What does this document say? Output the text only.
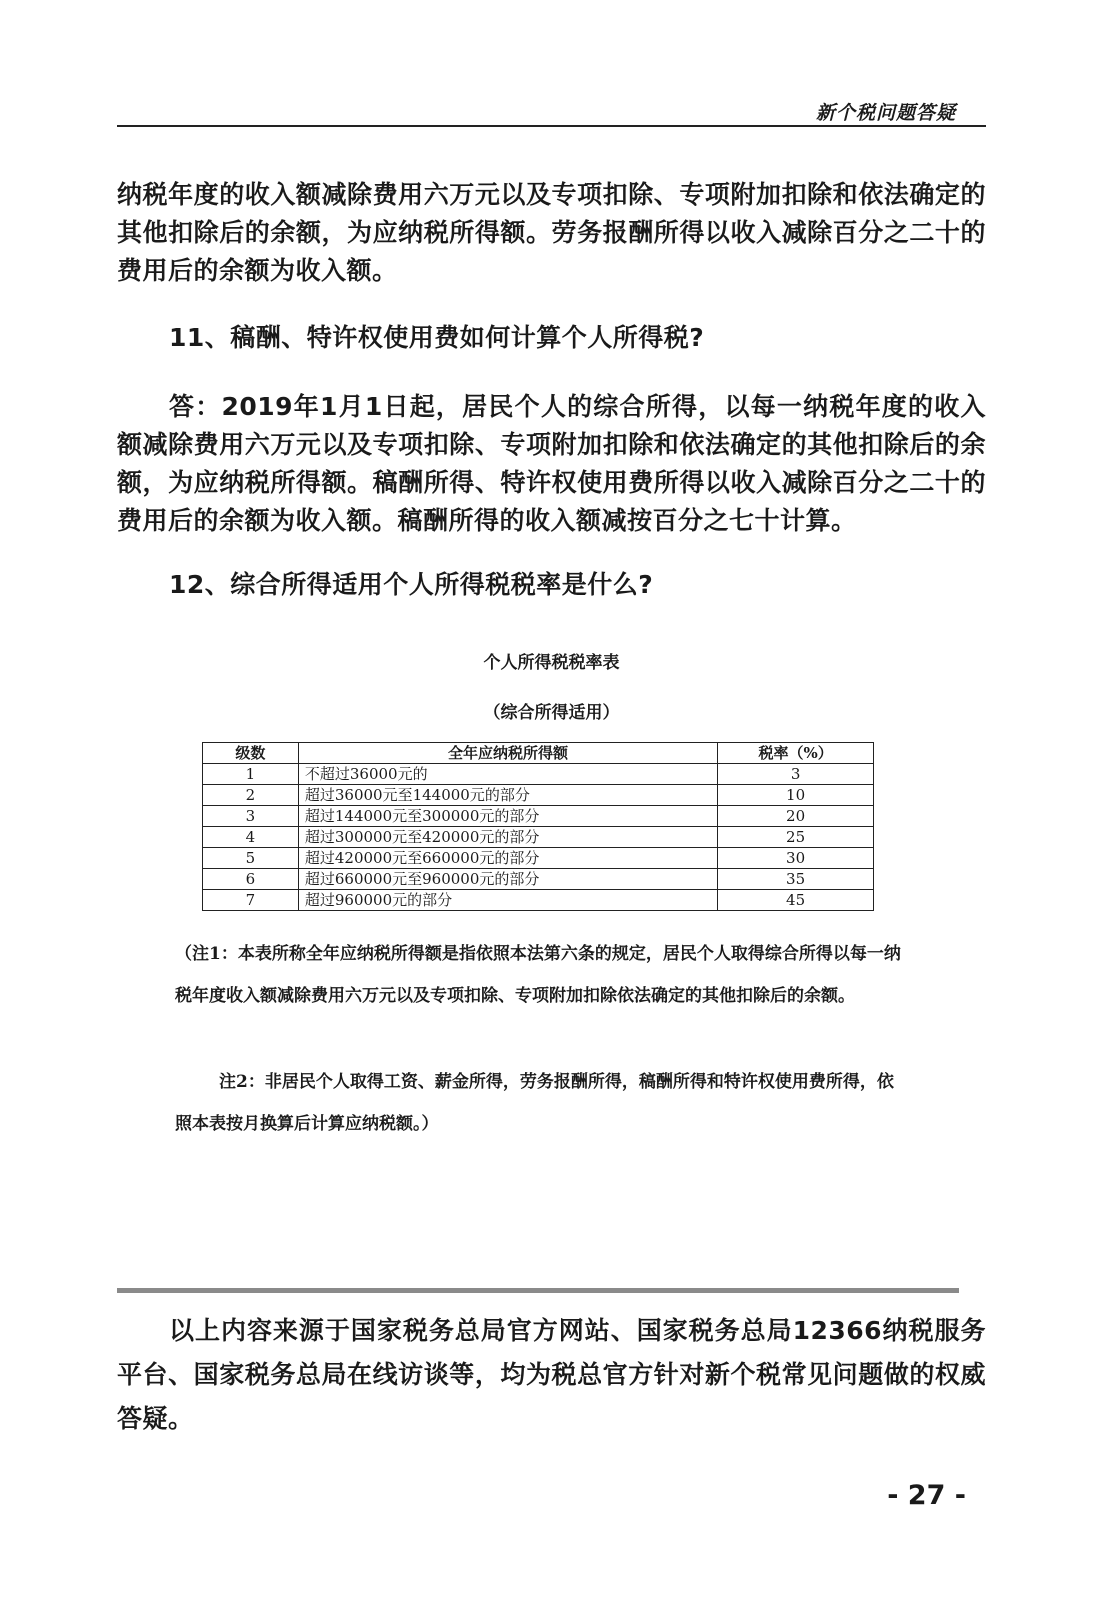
新个税问题答疑

纳税年度的收入额减除费用六万元以及专项扣除、专项附加扣除和依法确定的其他扣除后的余额，为应纳税所得额。劳务报酬所得以收入减除百分之二十的费用后的余额为收入额。

11、稿酬、特许权使用费如何计算个人所得税?

答：2019年1月1日起，居民个人的综合所得，以每一纳税年度的收入额减除费用六万元以及专项扣除、专项附加扣除和依法确定的其他扣除后的余额，为应纳税所得额。稿酬所得、特许权使用费所得以收入减除百分之二十的费用后的余额为收入额。稿酬所得的收入额减按百分之七十计算。

12、综合所得适用个人所得税税率是什么?

个人所得税税率表
（综合所得适用）
级数	全年应纳税所得额	税率（%）
1	不超过36000元的	3
2	超过36000元至144000元的部分	10
3	超过144000元至300000元的部分	20
4	超过300000元至420000元的部分	25
5	超过420000元至660000元的部分	30
6	超过660000元至960000元的部分	35
7	超过960000元的部分	45

（注1：本表所称全年应纳税所得额是指依照本法第六条的规定，居民个人取得综合所得以每一纳税年度收入额减除费用六万元以及专项扣除、专项附加扣除依法确定的其他扣除后的余额。

注2：非居民个人取得工资、薪金所得，劳务报酬所得，稿酬所得和特许权使用费所得，依照本表按月换算后计算应纳税额。）

以上内容来源于国家税务总局官方网站、国家税务总局12366纳税服务平台、国家税务总局在线访谈等，均为税总官方针对新个税常见问题做的权威答疑。

- 27 -
